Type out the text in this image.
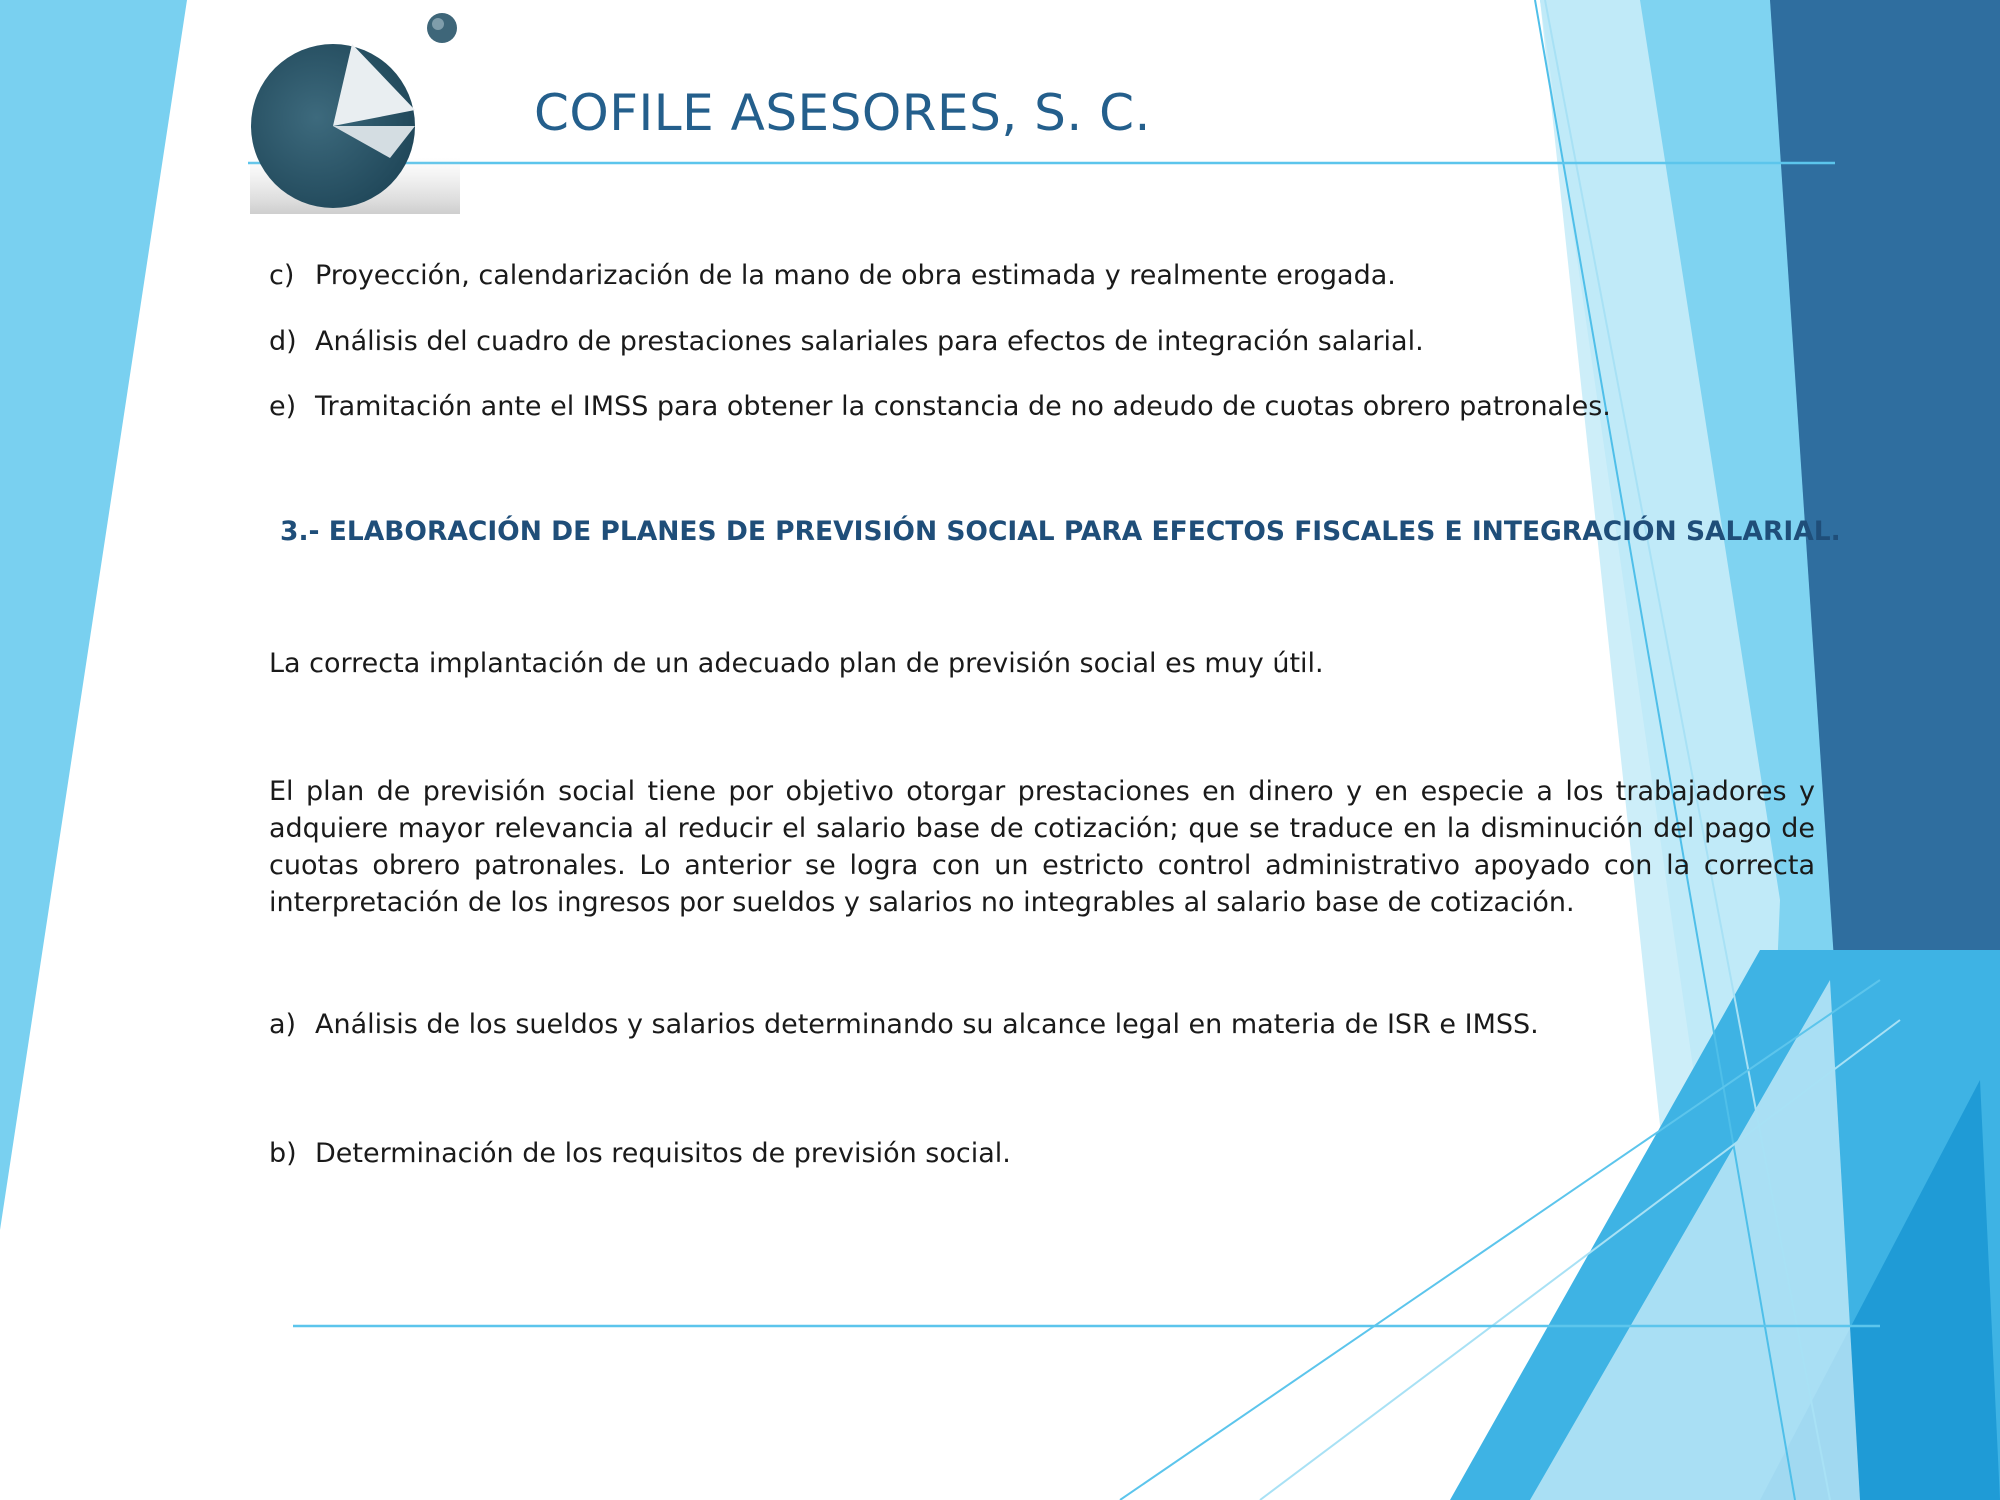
COFILE ASESORES, S. C.
c) Proyección, calendarización de la mano de obra estimada y realmente erogada.
d) Análisis del cuadro de prestaciones salariales para efectos de integración salarial.
e) Tramitación ante el IMSS para obtener la constancia de no adeudo de cuotas obrero patronales.
3.- ELABORACIÓN DE PLANES DE PREVISIÓN SOCIAL PARA EFECTOS FISCALES E INTEGRACIÓN SALARIAL.
La correcta implantación de un adecuado plan de previsión social es muy útil.

El plan de previsión social tiene por objetivo otorgar prestaciones en dinero y en especie a los trabajadores y adquiere mayor relevancia al reducir el salario base de cotización; que se traduce en la disminución del pago de cuotas obrero patronales. Lo anterior se logra con un estricto control administrativo apoyado con la correcta interpretación de los ingresos por sueldos y salarios no integrables al salario base de cotización.

a) Análisis de los sueldos y salarios determinando su alcance legal en materia de ISR e IMSS.
b) Determinación de los requisitos de previsión social.
